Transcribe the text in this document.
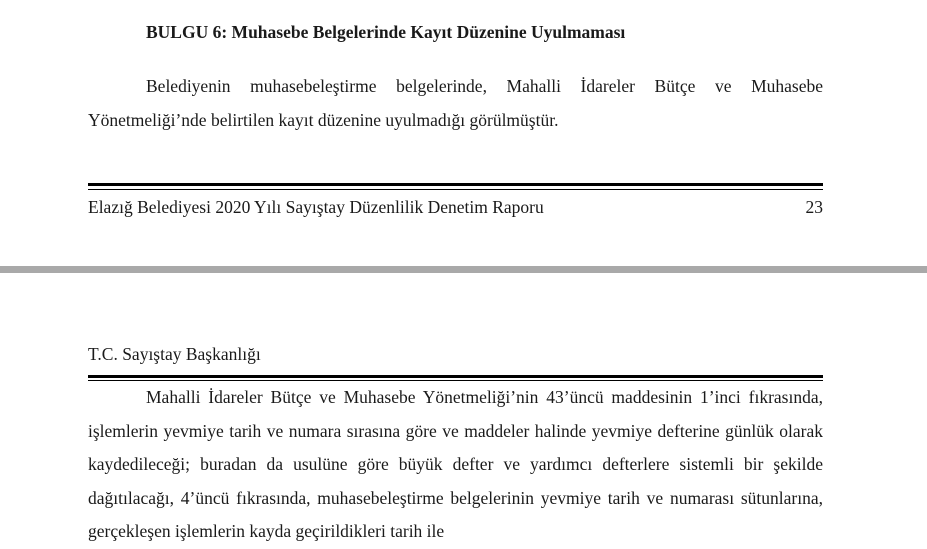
BULGU 6: Muhasebe Belgelerinde Kayıt Düzenine Uyulmaması
Belediyenin muhasebeleştirme belgelerinde, Mahalli İdareler Bütçe ve Muhasebe Yönetmeliği’nde belirtilen kayıt düzenine uyulmadığı görülmüştür.
Elazığ Belediyesi 2020 Yılı Sayıştay Düzenlilik Denetim Raporu	23
T.C. Sayıştay Başkanlığı
Mahalli İdareler Bütçe ve Muhasebe Yönetmeliği’nin 43’üncü maddesinin 1’inci fıkrasında, işlemlerin yevmiye tarih ve numara sırasına göre ve maddeler halinde yevmiye defterine günlük olarak kaydedileceği; buradan da usulüne göre büyük defter ve yardımcı defterlere sistemli bir şekilde dağıtılacağı, 4’üncü fıkrasında, muhasebeleştirme belgelerinin yevmiye tarih ve numarası sütunlarına, gerçekleşen işlemlerin kayda geçirildikleri tarih ile
